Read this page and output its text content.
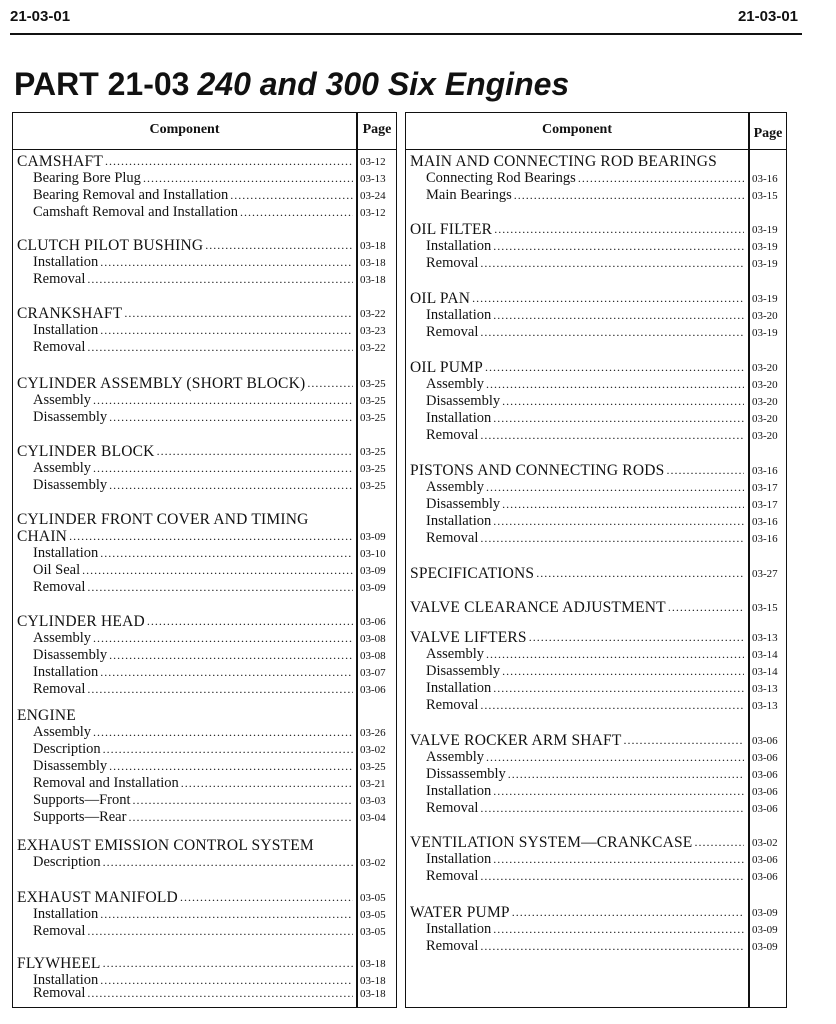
21-03-01	21-03-01
PART 21-03 240 and 300 Six Engines
Component	Page
CAMSHAFT .....	03-12
Bearing Bore Plug .....	03-13
Bearing Removal and Installation .....	03-24
Camshaft Removal and Installation .....	03-12
CLUTCH PILOT BUSHING .....	03-18
Installation .....	03-18
Removal .....	03-18
CRANKSHAFT .....	03-22
Installation .....	03-23
Removal .....	03-22
CYLINDER ASSEMBLY (SHORT BLOCK) .....	03-25
Assembly .....	03-25
Disassembly .....	03-25
CYLINDER BLOCK .....	03-25
Assembly .....	03-25
Disassembly .....	03-25
CYLINDER FRONT COVER AND TIMING
CHAIN .....	03-09
Installation .....	03-10
Oil Seal .....	03-09
Removal .....	03-09
CYLINDER HEAD .....	03-06
Assembly .....	03-08
Disassembly .....	03-08
Installation .....	03-07
Removal .....	03-06
ENGINE
Assembly .....	03-26
Description .....	03-02
Disassembly .....	03-25
Removal and Installation .....	03-21
Supports—Front .....	03-03
Supports—Rear .....	03-04
EXHAUST EMISSION CONTROL SYSTEM
Description .....	03-02
EXHAUST MANIFOLD .....	03-05
Installation .....	03-05
Removal .....	03-05
FLYWHEEL .....	03-18
Installation .....	03-18
Removal .....	03-18
Component	Page
MAIN AND CONNECTING ROD BEARINGS
Connecting Rod Bearings .....	03-16
Main Bearings .....	03-15
OIL FILTER .....	03-19
Installation .....	03-19
Removal .....	03-19
OIL PAN .....	03-19
Installation .....	03-20
Removal .....	03-19
OIL PUMP .....	03-20
Assembly .....	03-20
Disassembly .....	03-20
Installation .....	03-20
Removal .....	03-20
PISTONS AND CONNECTING RODS .....	03-16
Assembly .....	03-17
Disassembly .....	03-17
Installation .....	03-16
Removal .....	03-16
SPECIFICATIONS .....	03-27
VALVE CLEARANCE ADJUSTMENT .....	03-15
VALVE LIFTERS .....	03-13
Assembly .....	03-14
Disassembly .....	03-14
Installation .....	03-13
Removal .....	03-13
VALVE ROCKER ARM SHAFT .....	03-06
Assembly .....	03-06
Dissassembly .....	03-06
Installation .....	03-06
Removal .....	03-06
VENTILATION SYSTEM—CRANKCASE .....	03-02
Installation .....	03-06
Removal .....	03-06
WATER PUMP .....	03-09
Installation .....	03-09
Removal .....	03-09
